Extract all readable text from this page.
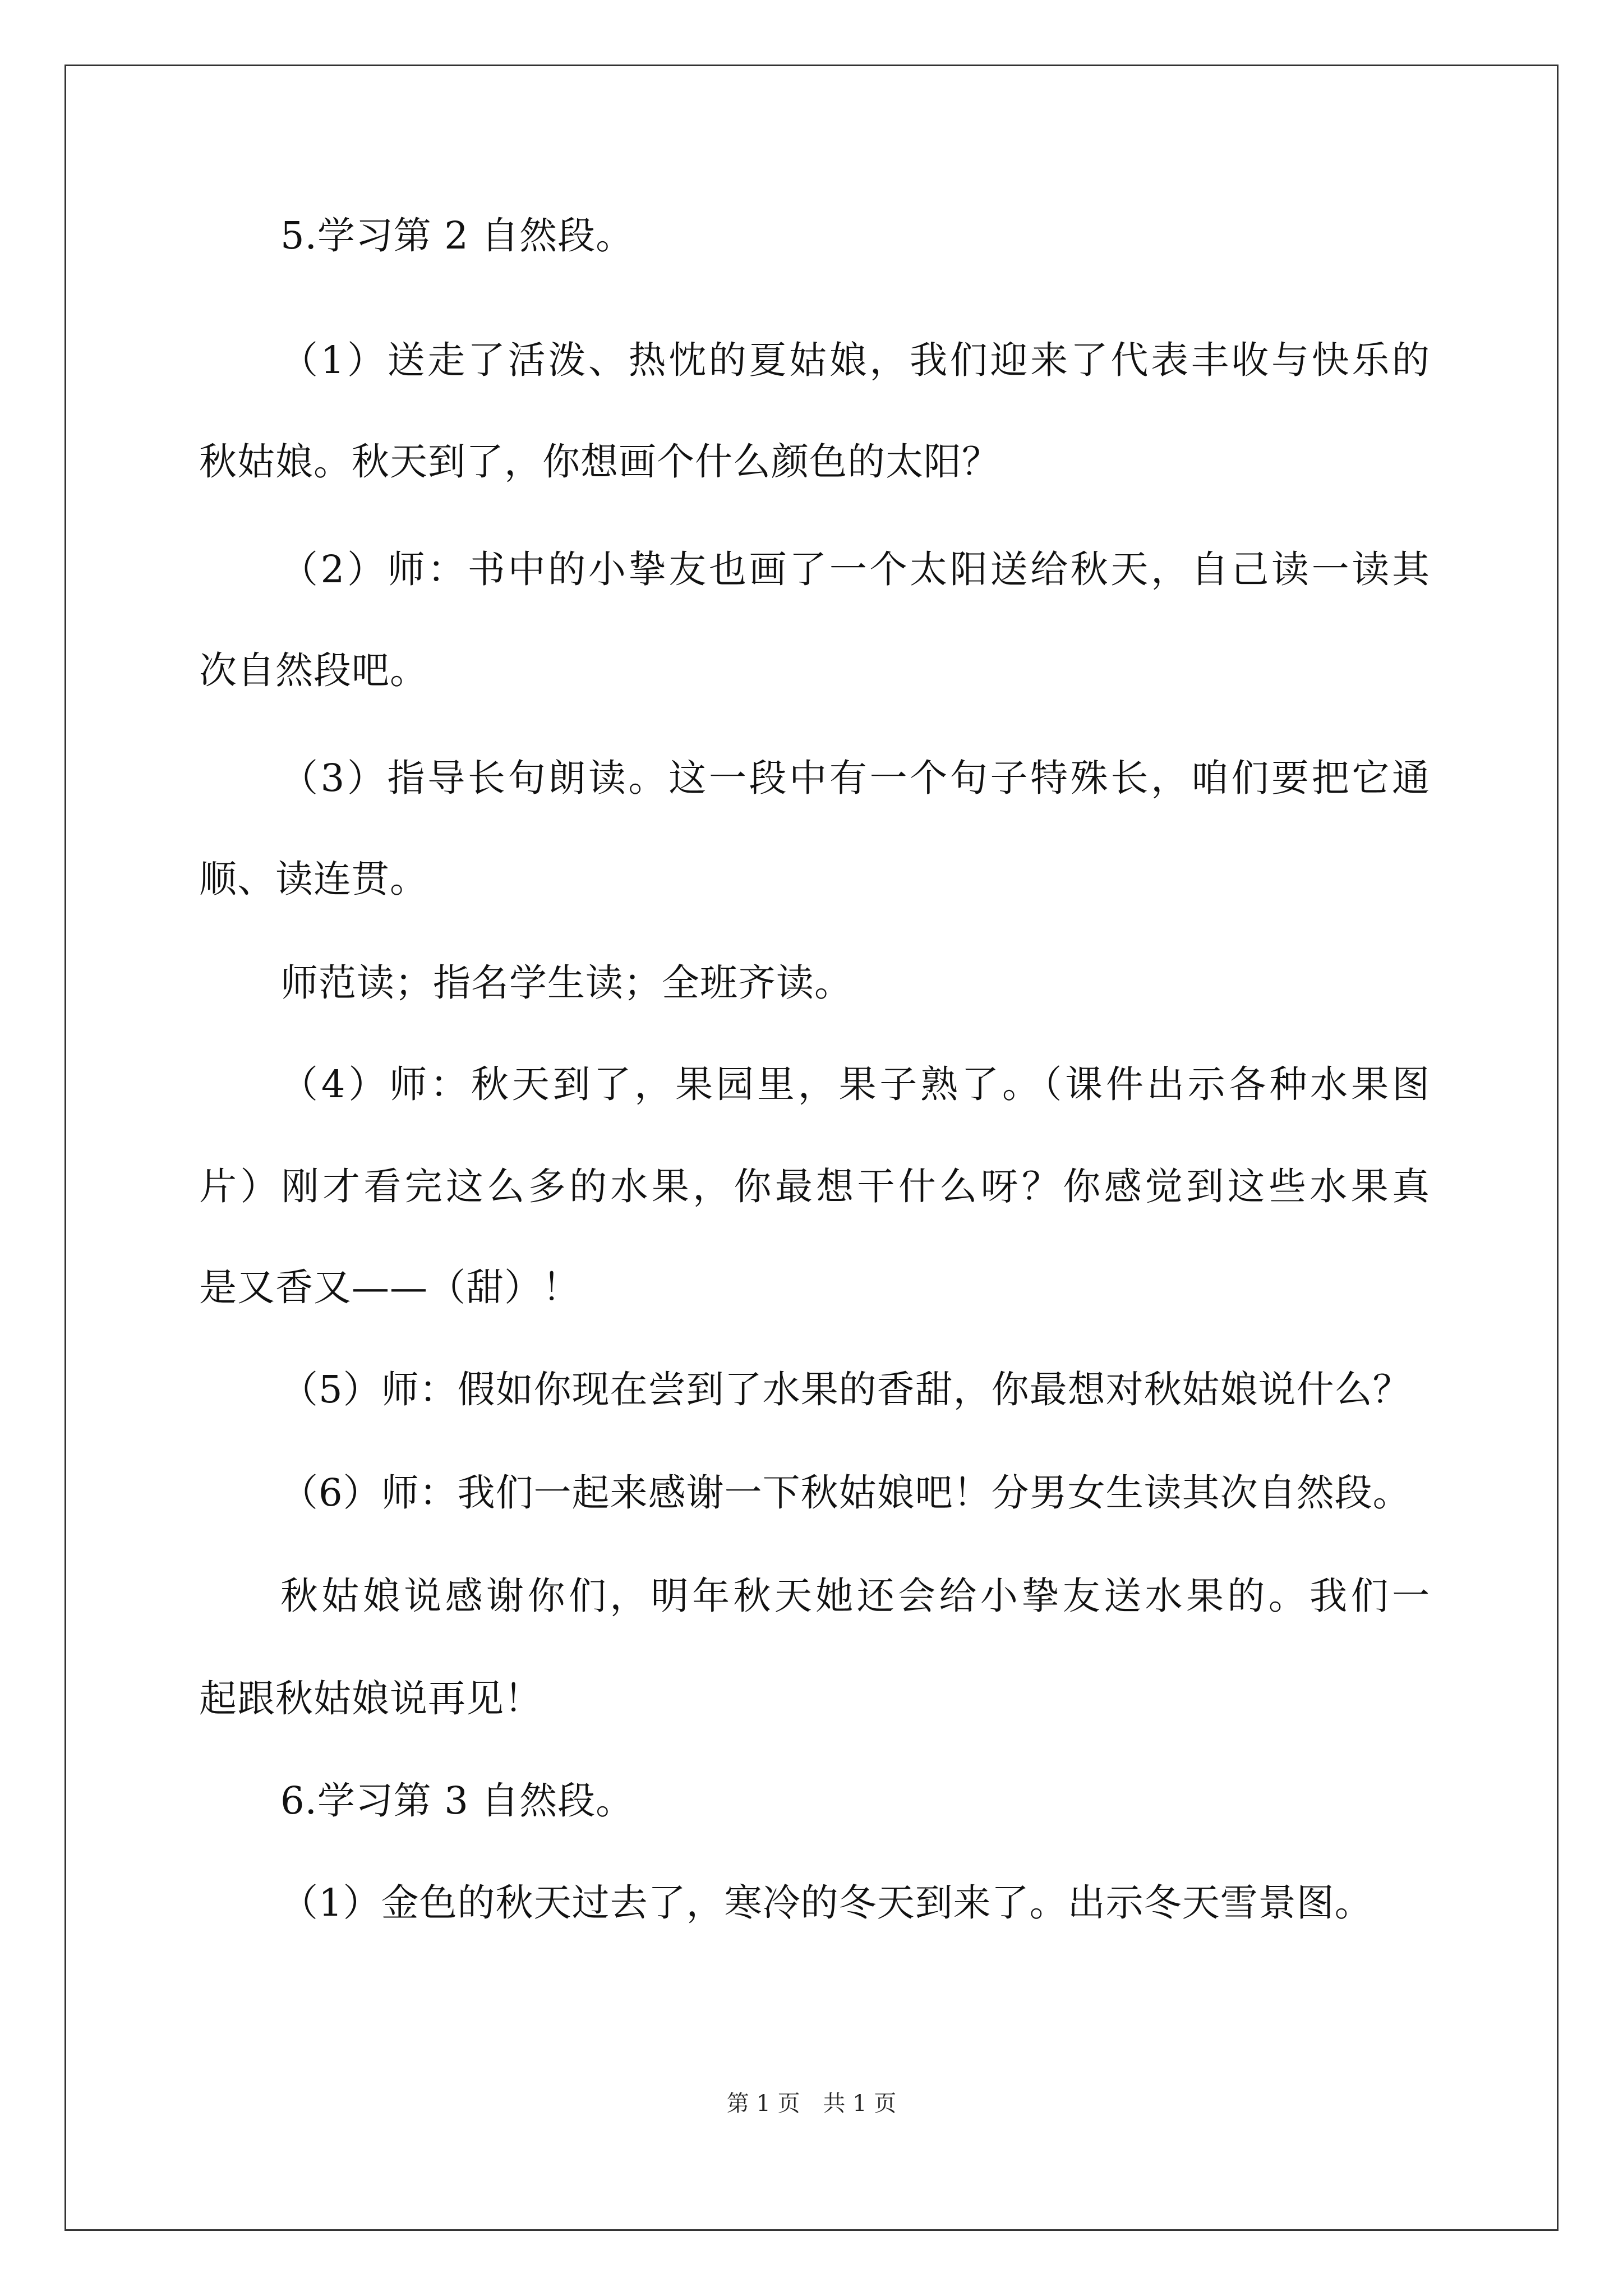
5.学习第 2 自然段。
（1）送走了活泼、热忱的夏姑娘，我们迎来了代表丰收与快乐的
秋姑娘。秋天到了，你想画个什么颜色的太阳？
（2）师：书中的小挚友也画了一个太阳送给秋天，自己读一读其
次自然段吧。
（3）指导长句朗读。这一段中有一个句子特殊长，咱们要把它通
顺、读连贯。
师范读；指名学生读；全班齐读。
（4）师：秋天到了，果园里，果子熟了。（课件出示各种水果图
片）刚才看完这么多的水果，你最想干什么呀？你感觉到这些水果真
是又香又——（甜）！
（5）师：假如你现在尝到了水果的香甜，你最想对秋姑娘说什么？
（6）师：我们一起来感谢一下秋姑娘吧！分男女生读其次自然段。
秋姑娘说感谢你们，明年秋天她还会给小挚友送水果的。我们一
起跟秋姑娘说再见！
6.学习第 3 自然段。
（1）金色的秋天过去了，寒冷的冬天到来了。出示冬天雪景图。
第 1 页 共 1 页
